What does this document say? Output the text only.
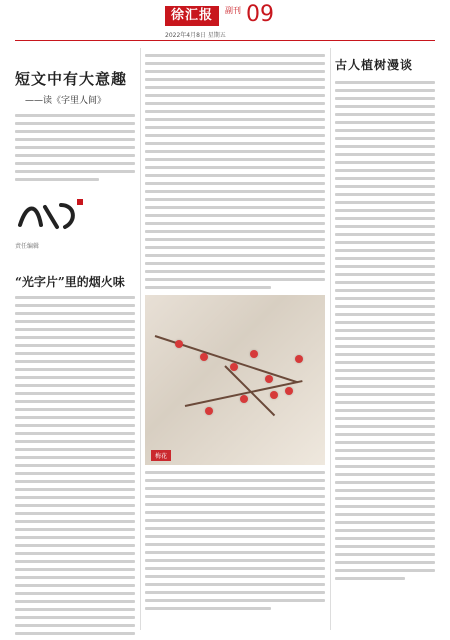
徐汇报	副刊 09
2022年4月8日 星期五
短文中有大意趣
——读《字里人间》
责任编辑
“光字片”里的烟火味
梅花
古人植树漫谈
